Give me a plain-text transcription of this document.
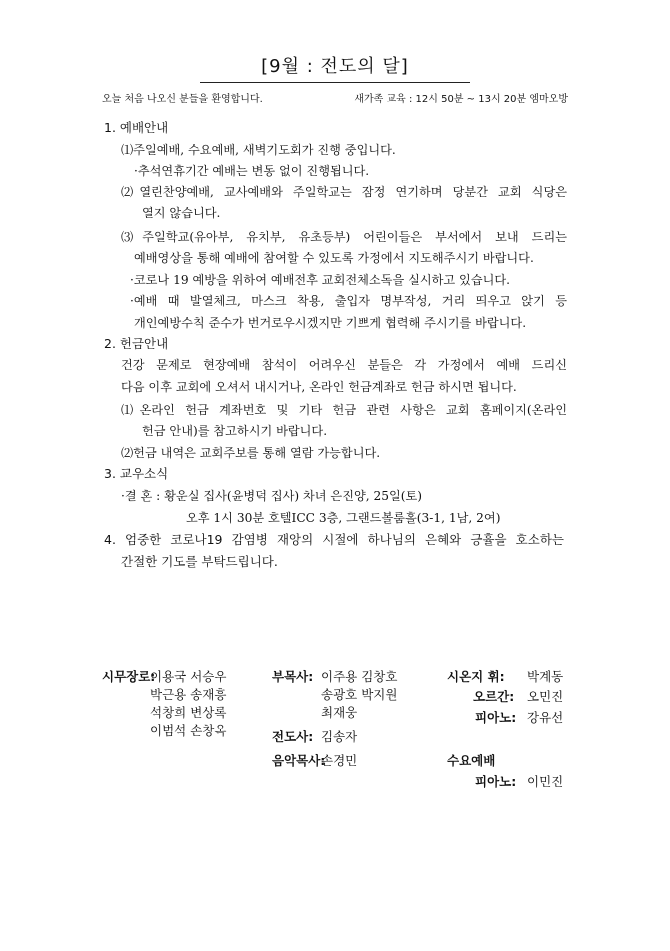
[9월 : 전도의 달]
오늘 처음 나오신 분들을 환영합니다.	새가족 교육 : 12시 50분 ~ 13시 20분 엠마오방
1. 예배안내
⑴주일예배, 수요예배, 새벽기도회가 진행 중입니다.
·추석연휴기간 예배는 변동 없이 진행됩니다.
⑵열린찬양예배, 교사예배와 주일학교는 잠정 연기하며 당분간 교회 식당은
열지 않습니다.
⑶주일학교(유아부, 유치부, 유초등부) 어린이들은 부서에서 보내 드리는
예배영상을 통해 예배에 참여할 수 있도록 가정에서 지도해주시기 바랍니다.
·코로나 19 예방을 위하여 예배전후 교회전체소독을 실시하고 있습니다.
·예배 때 발열체크, 마스크 착용, 출입자 명부작성, 거리 띄우고 앉기 등
개인예방수칙 준수가 번거로우시겠지만 기쁘게 협력해 주시기를 바랍니다.
2. 헌금안내
건강 문제로 현장예배 참석이 어려우신 분들은 각 가정에서 예배 드리신
다음 이후 교회에 오셔서 내시거나, 온라인 헌금계좌로 헌금 하시면 됩니다.
⑴온라인 헌금 계좌번호 및 기타 헌금 관련 사항은 교회 홈페이지(온라인
헌금 안내)를 참고하시기 바랍니다.
⑵헌금 내역은 교회주보를 통해 열람 가능합니다.
3. 교우소식
·결 혼 : 황운실 집사(윤병덕 집사) 차녀 은진양, 25일(토)
오후 1시 30분 호텔ICC 3층, 그랜드볼룸홀(3-1, 1남, 2여)
4. 엄중한 코로나19 감염병 재앙의 시절에 하나님의 은혜와 긍휼을 호소하는
간절한 기도를 부탁드립니다.
시무장로:
이용국 서승우
박근용 송재흥
석창희 변상록
이범석 손창옥
부목사: 이주용 김창호
송광호 박지원
최재웅
전도사: 김송자
음악목사:
손경민
시온지 휘: 박계동
오르간: 오민진
피아노: 강유선
수요예배
피아노: 이민진
